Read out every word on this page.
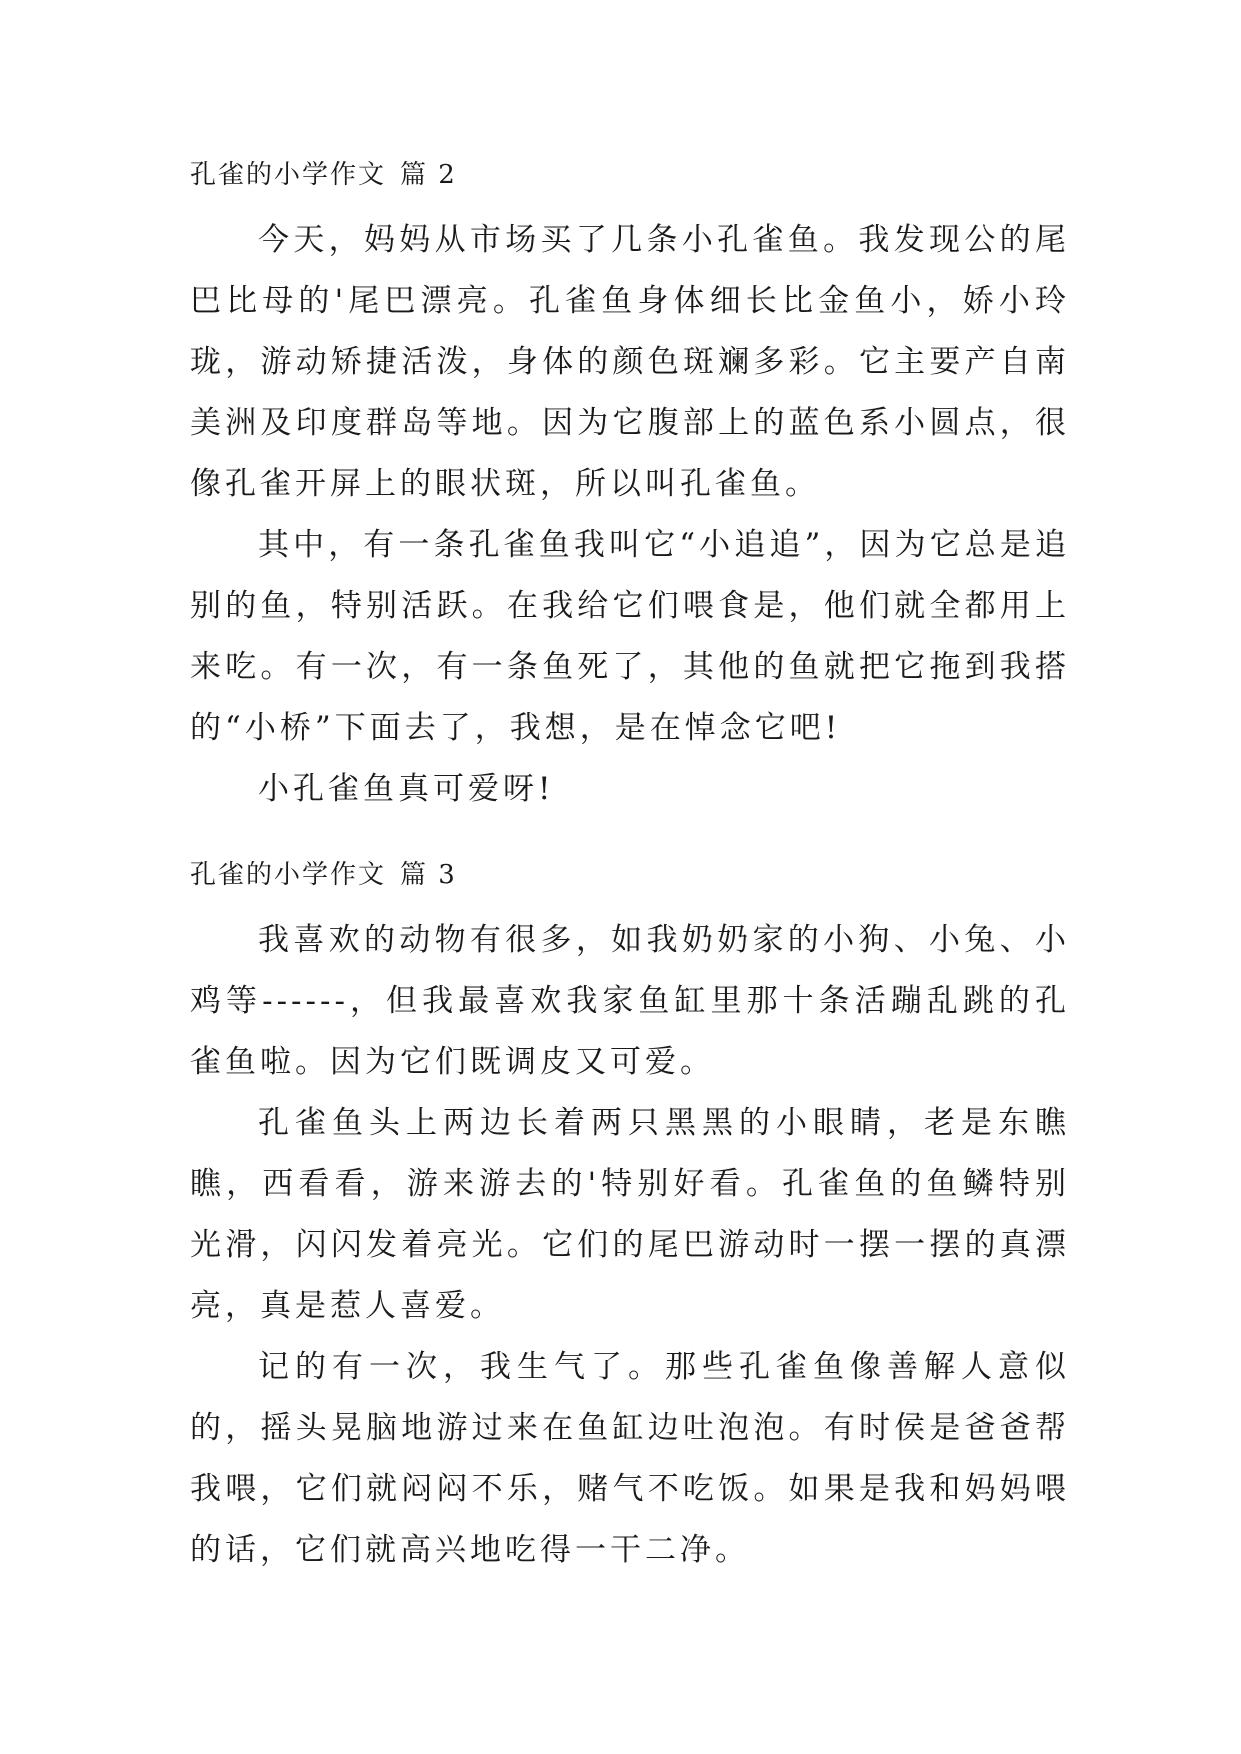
孔雀的小学作文 篇 2

今天，妈妈从市场买了几条小孔雀鱼。我发现公的尾巴比母的'尾巴漂亮。孔雀鱼身体细长比金鱼小，娇小玲珑，游动矫捷活泼，身体的颜色斑斓多彩。它主要产自南美洲及印度群岛等地。因为它腹部上的蓝色系小圆点，很像孔雀开屏上的眼状斑，所以叫孔雀鱼。

其中，有一条孔雀鱼我叫它“小追追”，因为它总是追别的鱼，特别活跃。在我给它们喂食是，他们就全都用上来吃。有一次，有一条鱼死了，其他的鱼就把它拖到我搭的“小桥”下面去了，我想，是在悼念它吧!

小孔雀鱼真可爱呀!

孔雀的小学作文 篇 3

我喜欢的动物有很多，如我奶奶家的小狗、小兔、小鸡等------，但我最喜欢我家鱼缸里那十条活蹦乱跳的孔雀鱼啦。因为它们既调皮又可爱。

孔雀鱼头上两边长着两只黑黑的小眼睛，老是东瞧瞧，西看看，游来游去的'特别好看。孔雀鱼的鱼鳞特别光滑，闪闪发着亮光。它们的尾巴游动时一摆一摆的真漂亮，真是惹人喜爱。

记的有一次，我生气了。那些孔雀鱼像善解人意似的，摇头晃脑地游过来在鱼缸边吐泡泡。有时侯是爸爸帮我喂，它们就闷闷不乐，赌气不吃饭。如果是我和妈妈喂的话，它们就高兴地吃得一干二净。
